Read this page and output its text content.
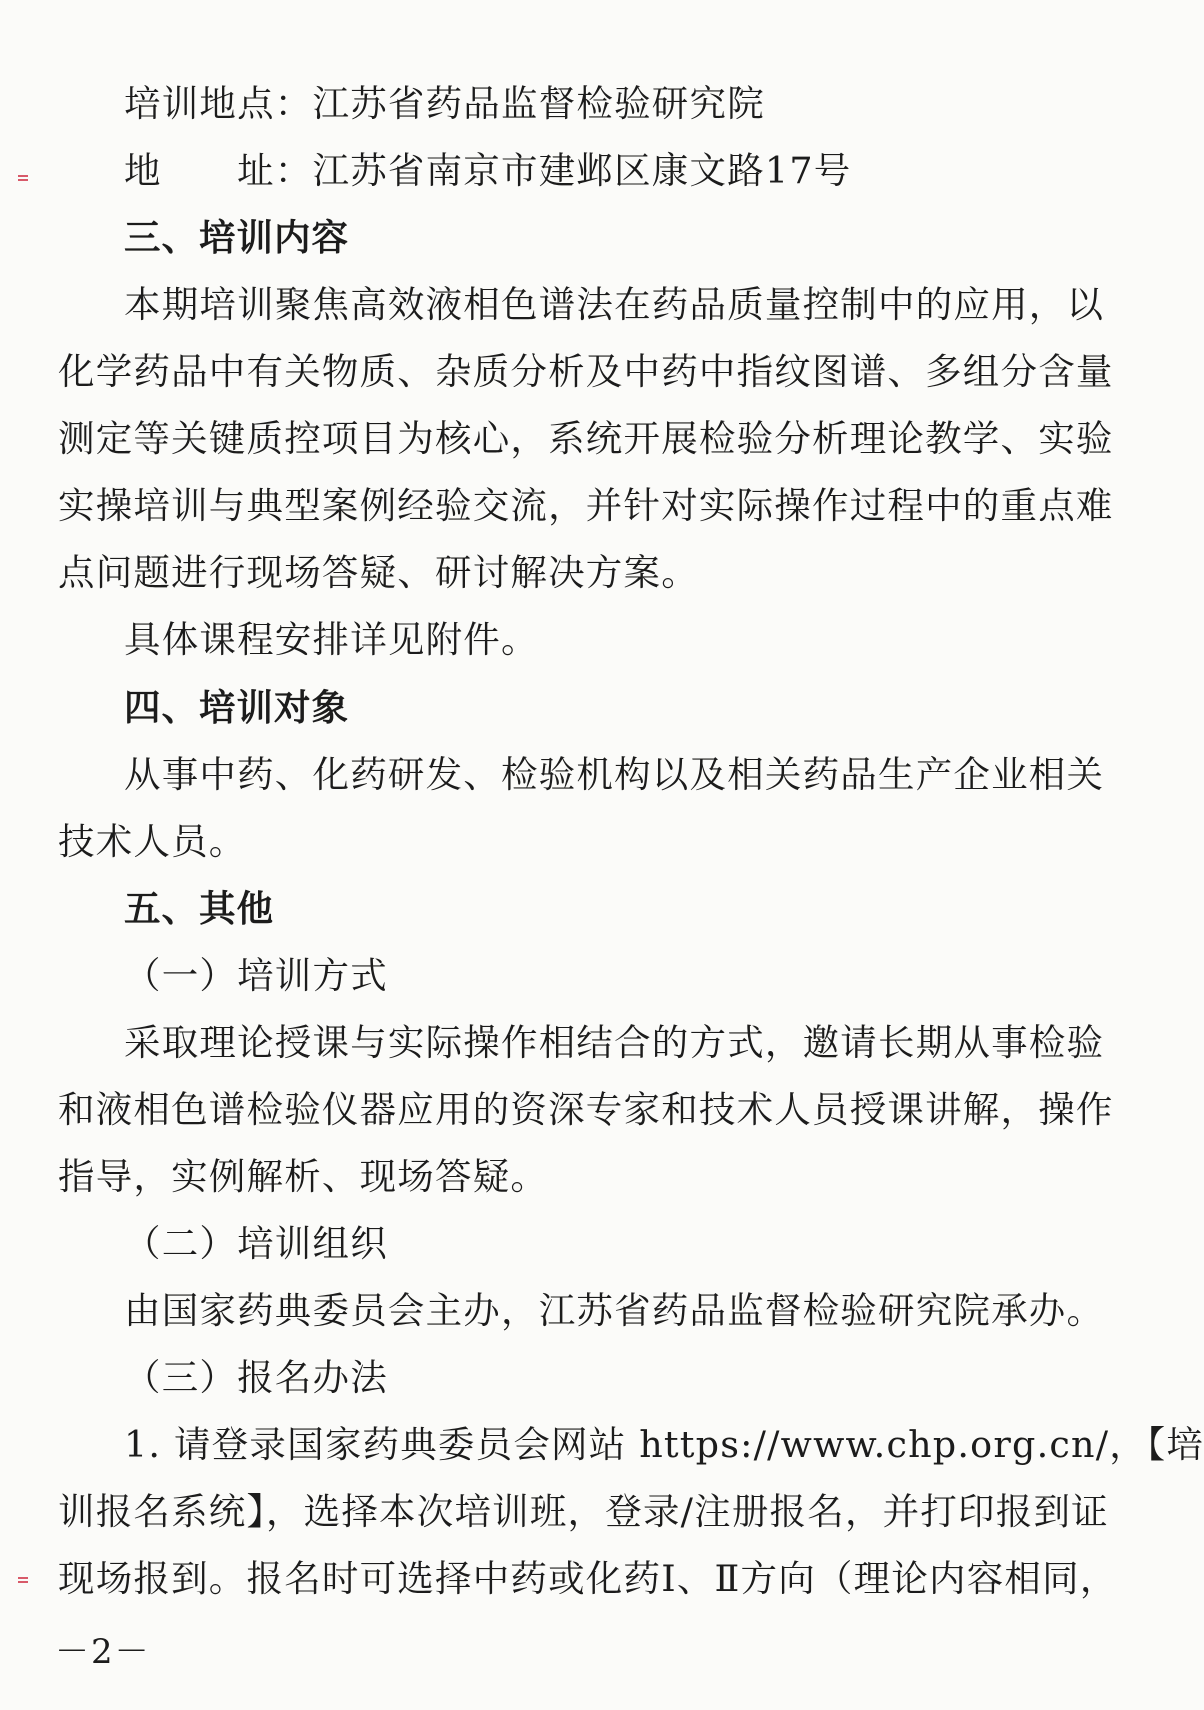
培训地点：江苏省药品监督检验研究院
地　　址：江苏省南京市建邺区康文路17号
三、培训内容
本期培训聚焦高效液相色谱法在药品质量控制中的应用，以
化学药品中有关物质、杂质分析及中药中指纹图谱、多组分含量
测定等关键质控项目为核心，系统开展检验分析理论教学、实验
实操培训与典型案例经验交流，并针对实际操作过程中的重点难
点问题进行现场答疑、研讨解决方案。
具体课程安排详见附件。
四、培训对象
从事中药、化药研发、检验机构以及相关药品生产企业相关
技术人员。
五、其他
（一）培训方式
采取理论授课与实际操作相结合的方式，邀请长期从事检验
和液相色谱检验仪器应用的资深专家和技术人员授课讲解，操作
指导，实例解析、现场答疑。
（二）培训组织
由国家药典委员会主办，江苏省药品监督检验研究院承办。
（三）报名办法
1. 请登录国家药典委员会网站 https://www.chp.org.cn/，【培
训报名系统】，选择本次培训班，登录/注册报名，并打印报到证
现场报到。报名时可选择中药或化药Ⅰ、Ⅱ方向（理论内容相同，
－2－
